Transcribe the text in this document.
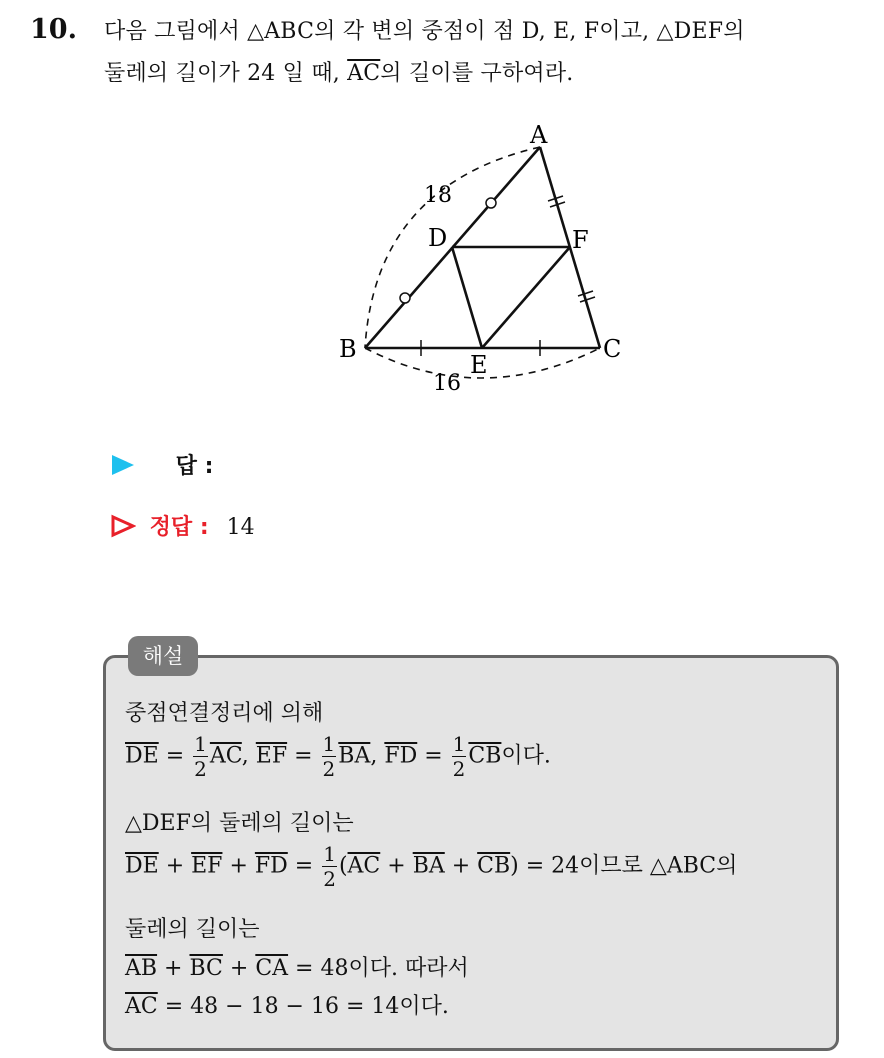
10. 다음 그림에서 △ABC의 각 변의 중점이 점 D, E, F이고, △DEF의
둘레의 길이가 24 일 때, $\overline{AC}$의 길이를 구하여라.
A
B	C
D
E
F
18
16
답 :
정답 : 14
해설
중점연결정리에 의해
$\overline{DE} = \frac{1}{2} \overline{AC}$, $\overline{EF} = \frac{1}{2} \overline{BA}$, $\overline{FD} = \frac{1}{2} \overline{CB}$이다.
△DEF의 둘레의 길이는
$\overline{DE} + \overline{EF} + \overline{FD} = \frac{1}{2} (\overline{AC} + \overline{BA} + \overline{CB}) = 24$이므로 △ABC의
둘레의 길이는
$\overline{AB} + \overline{BC} + \overline{CA} = 48$이다. 따라서
$\overline{AC} = 48 - 18 - 16 = 14$이다.
